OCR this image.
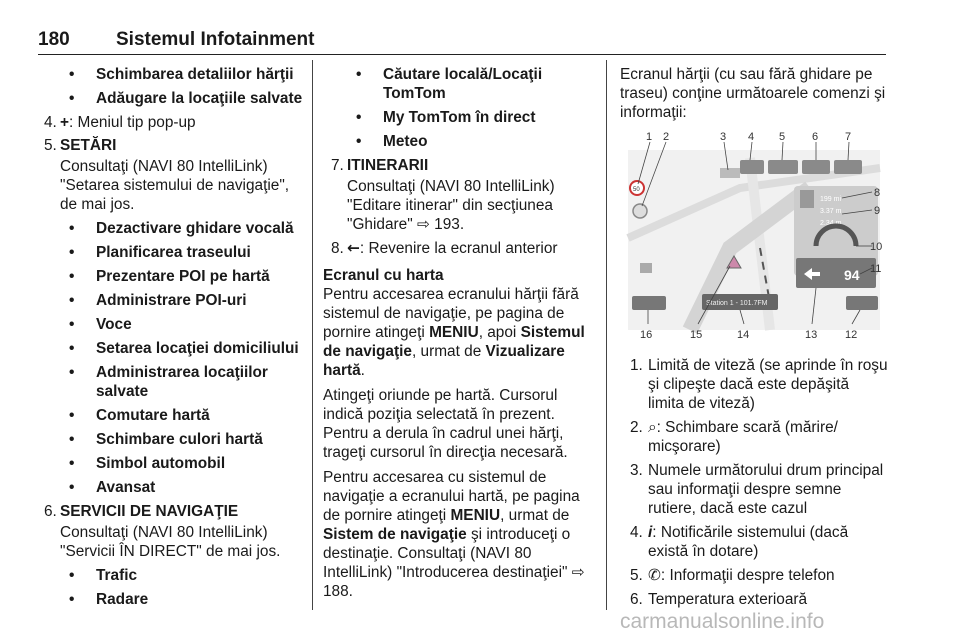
180 Sistemul Infotainment
• Schimbarea detaliilor hărţii
• Adăugare la locaţiile salvate
4. +: Meniul tip pop-up
5. SETĂRI
Consultaţi (NAVI 80 IntelliLink) "Setarea sistemului de navigaţie", de mai jos.
• Dezactivare ghidare vocală
• Planificarea traseului
• Prezentare POI pe hartă
• Administrare POI-uri
• Voce
• Setarea locaţiei domiciliului
• Administrarea locaţiilor salvate
• Comutare hartă
• Schimbare culori hartă
• Simbol automobil
• Avansat
6. SERVICII DE NAVIGAŢIE
Consultaţi (NAVI 80 IntelliLink) "Servicii ÎN DIRECT" de mai jos.
• Trafic
• Radare
• Căutare locală/Locaţii TomTom
• My TomTom în direct
• Meteo
7. ITINERARII
Consultaţi (NAVI 80 IntelliLink) "Editare itinerar" din secţiunea "Ghidare" ⇨ 193.
8. ←: Revenire la ecranul anterior
Ecranul cu harta
Pentru accesarea ecranului hărţii fără sistemul de navigaţie, pe pagina de pornire atingeţi MENIU, apoi Sistemul de navigaţie, urmat de Vizualizare hartă.
Atingeţi oriunde pe hartă. Cursorul indică poziţia selectată în prezent. Pentru a derula în cadrul unei hărţi, trageţi cursorul în direcţia necesară.
Pentru accesarea cu sistemul de navigaţie a ecranului hartă, pe pagina de pornire atingeţi MENIU, urmat de Sistem de navigaţie şi introduceţi o destinaţie. Consultaţi (NAVI 80 IntelliLink) "Introducerea destinaţiei" ⇨ 188.
Ecranul hărţii (cu sau fără ghidare pe traseu) conţine următoarele comenzi şi informaţii:
199 mi
3.37 m
2.34 m
94
Station 1 - 101.7FM
1 2	3 4 5 6 7
8
9
10
11
16	15	14	13	12
50
1. Limită de viteză (se aprinde în roşu şi clipeşte dacă este depăşită limita de viteză)
2. ⌕: Schimbare scară (mărire/ micşorare)
3. Numele următorului drum principal sau informaţii despre semne rutiere, dacă este cazul
4. i: Notificările sistemului (dacă există în dotare)
5. ✆: Informaţii despre telefon
6. Temperatura exterioară
carmanualsonline.info
